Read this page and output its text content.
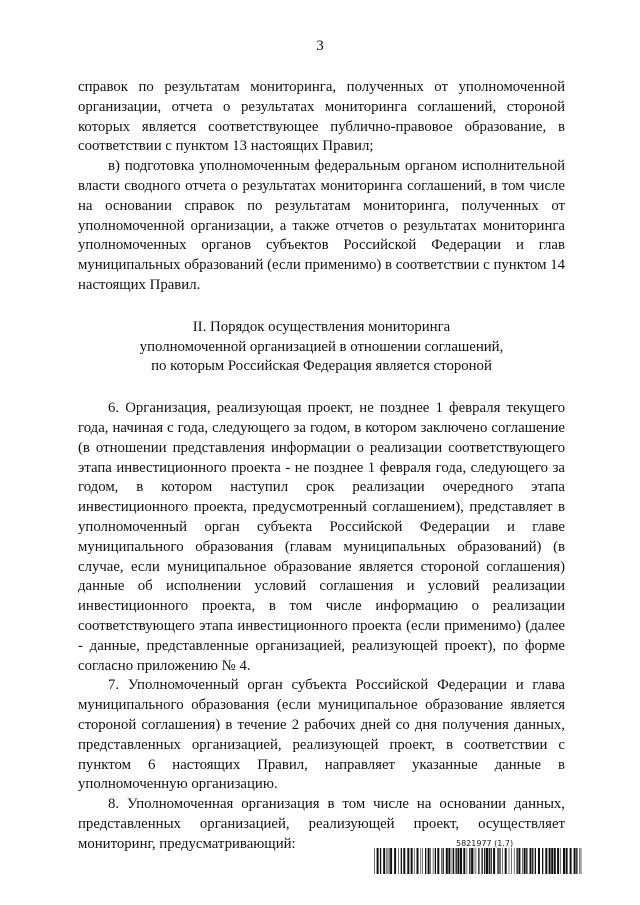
3

справок по результатам мониторинга, полученных от уполномоченной организации, отчета о результатах мониторинга соглашений, стороной которых является соответствующее публично-правовое образование, в соответствии с пунктом 13 настоящих Правил;

в) подготовка уполномоченным федеральным органом исполнительной власти сводного отчета о результатах мониторинга соглашений, в том числе на основании справок по результатам мониторинга, полученных от уполномоченной организации, а также отчетов о результатах мониторинга уполномоченных органов субъектов Российской Федерации и глав муниципальных образований (если применимо) в соответствии с пунктом 14 настоящих Правил.

II. Порядок осуществления мониторинга
уполномоченной организацией в отношении соглашений,
по которым Российская Федерация является стороной

6. Организация, реализующая проект, не позднее 1 февраля текущего года, начиная с года, следующего за годом, в котором заключено соглашение (в отношении представления информации о реализации соответствующего этапа инвестиционного проекта - не позднее 1 февраля года, следующего за годом, в котором наступил срок реализации очередного этапа инвестиционного проекта, предусмотренный соглашением), представляет в уполномоченный орган субъекта Российской Федерации и главе муниципального образования (главам муниципальных образований) (в случае, если муниципальное образование является стороной соглашения) данные об исполнении условий соглашения и условий реализации инвестиционного проекта, в том числе информацию о реализации соответствующего этапа инвестиционного проекта (если применимо) (далее - данные, представленные организацией, реализующей проект), по форме согласно приложению № 4.

7. Уполномоченный орган субъекта Российской Федерации и глава муниципального образования (если муниципальное образование является стороной соглашения) в течение 2 рабочих дней со дня получения данных, представленных организацией, реализующей проект, в соответствии с пунктом 6 настоящих Правил, направляет указанные данные в уполномоченную организацию.

8. Уполномоченная организация в том числе на основании данных, представленных организацией, реализующей проект, осуществляет мониторинг, предусматривающий:	5821977 (1.7)
